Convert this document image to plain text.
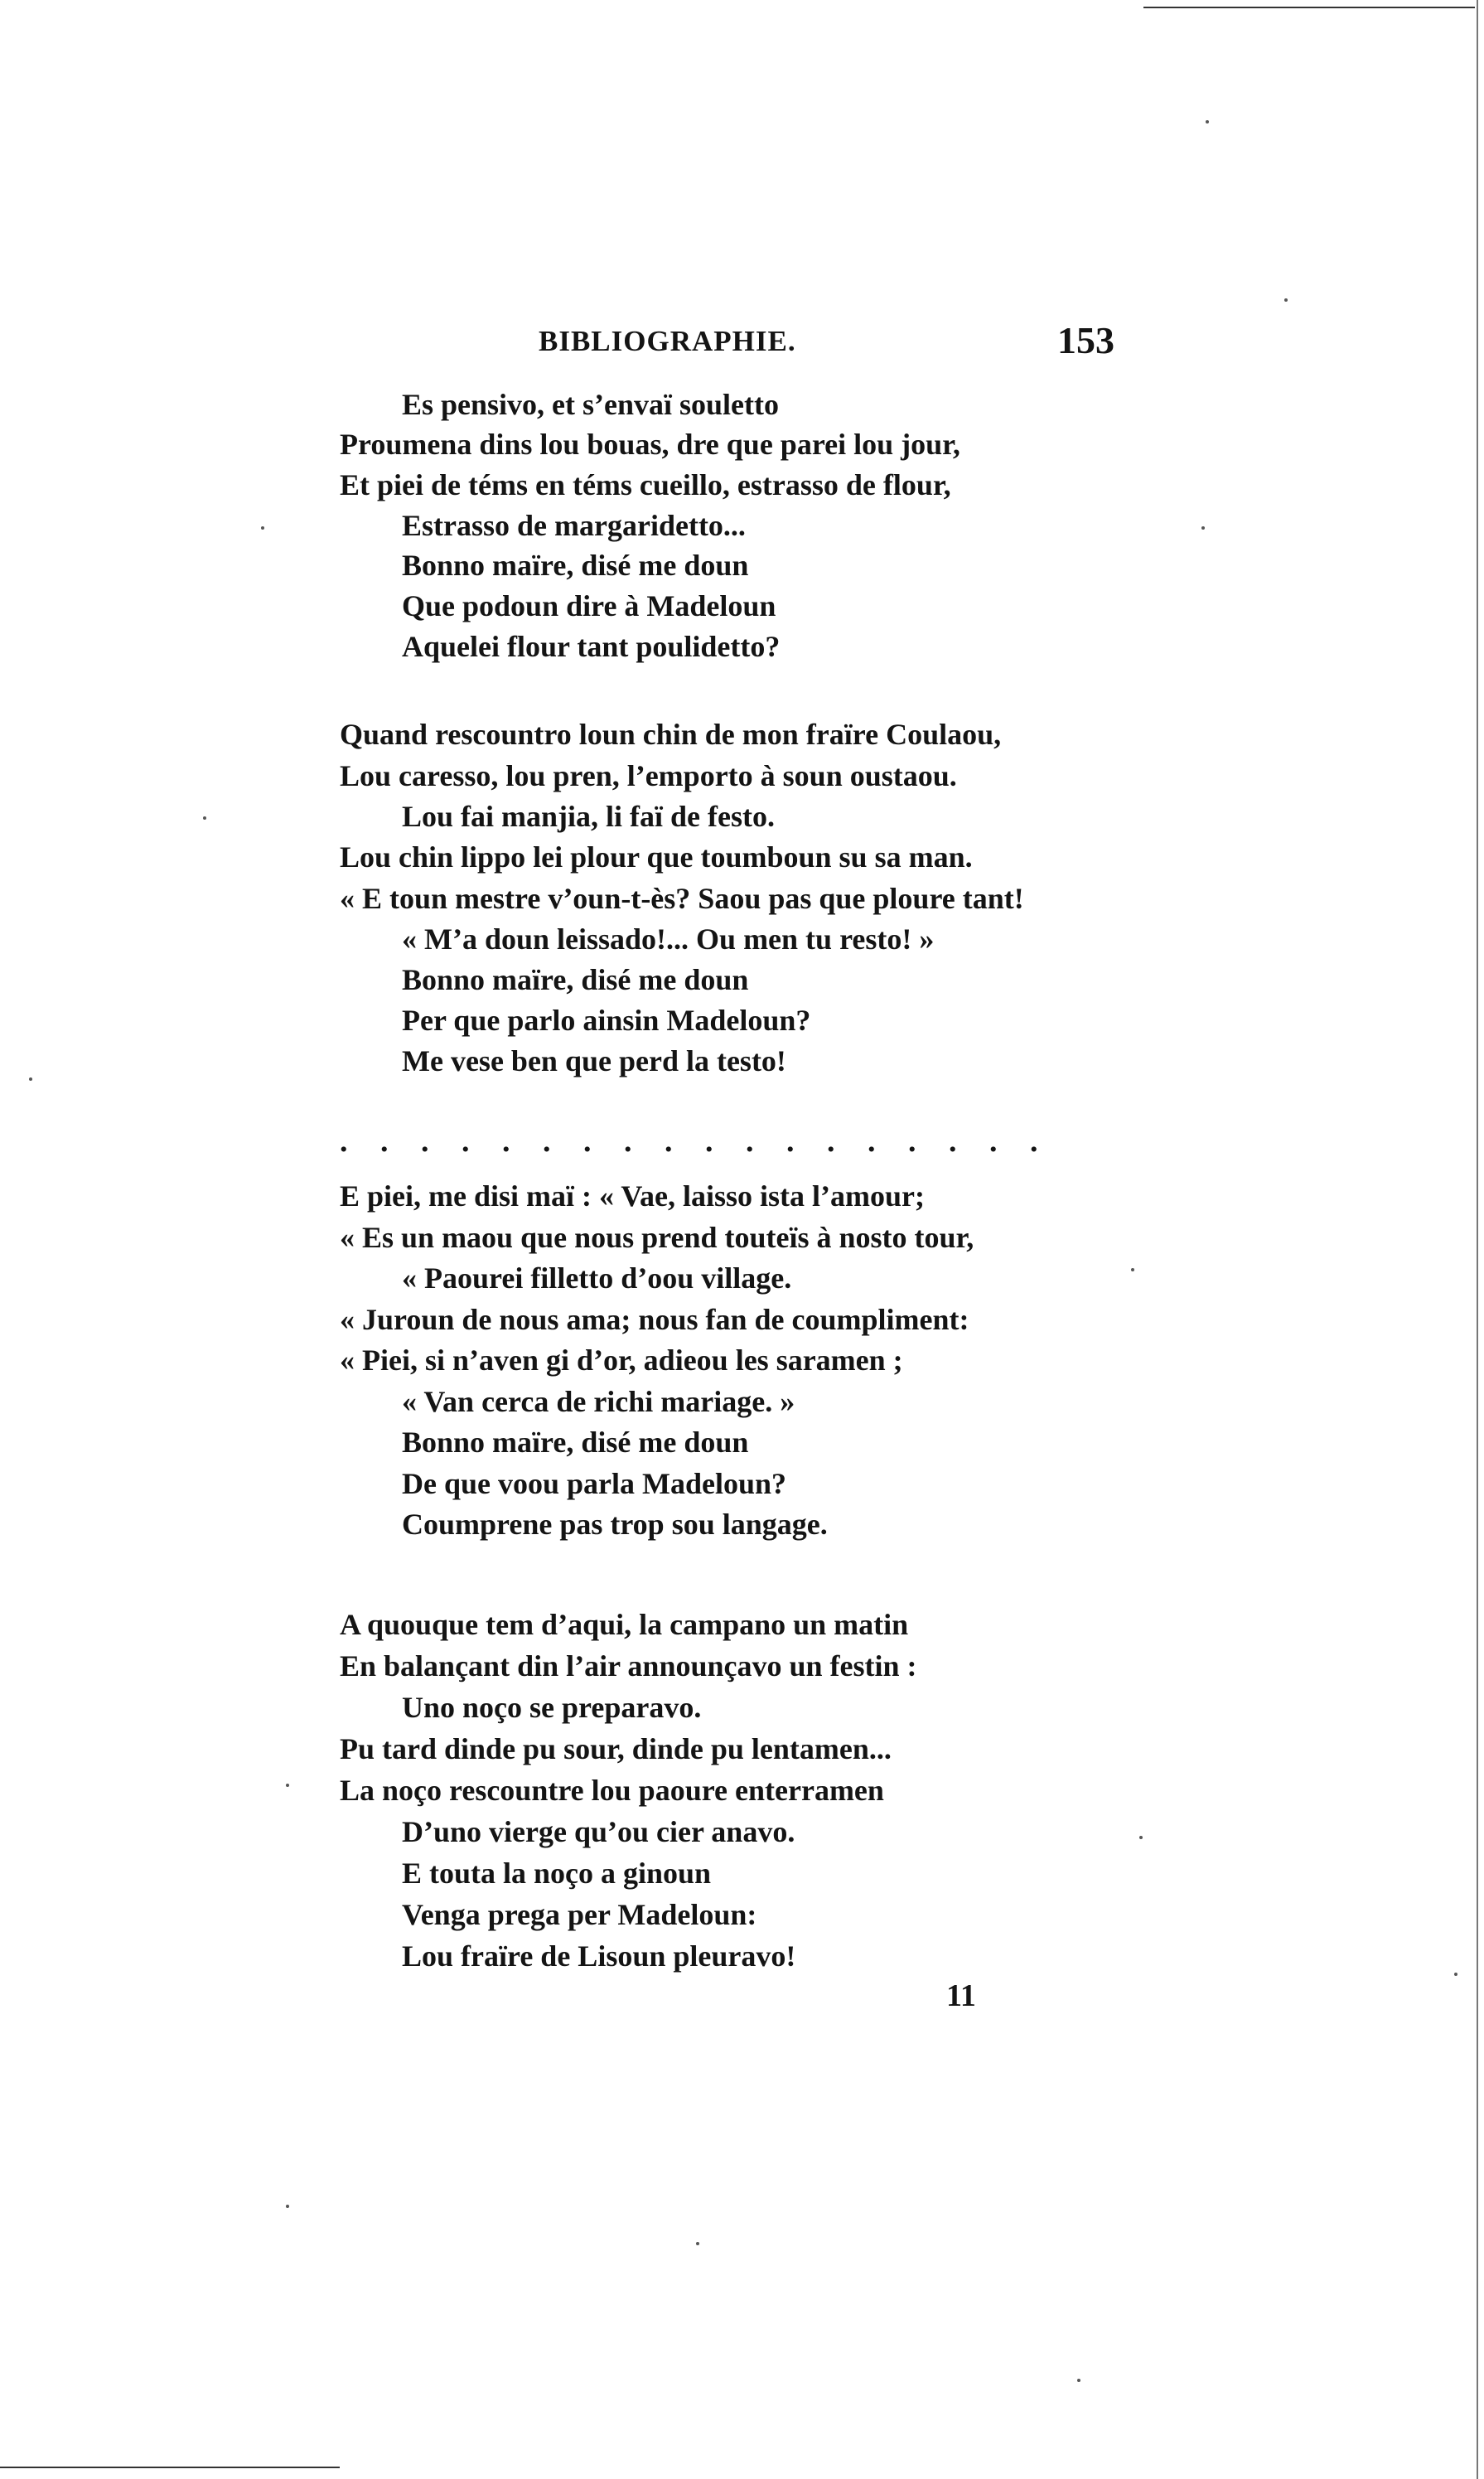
BIBLIOGRAPHIE.	153
Es pensivo, et s’envaï souletto
Proumena dins lou bouas, dre que parei lou jour,
Et piei de téms en téms cueillo, estrasso de flour,
Estrasso de margaridetto...
Bonno maïre, disé me doun
Que podoun dire à Madeloun
Aquelei flour tant poulidetto?
Quand rescountro loun chin de mon fraïre Coulaou,
Lou caresso, lou pren, l’emporto à soun oustaou.
Lou fai manjia, li faï de festo.
Lou chin lippo lei plour que toumboun su sa man.
« E toun mestre v’oun-t-ès? Saou pas que ploure tant!
« M’a doun leissado!... Ou men tu resto! »
Bonno maïre, disé me doun
Per que parlo ainsin Madeloun?
Me vese ben que perd la testo!
. . . . . . . . . . . . . . . . . .
E piei, me disi maï : « Vae, laisso ista l’amour;
« Es un maou que nous prend touteïs à nosto tour,
« Paourei filletto d’oou village.
« Juroun de nous ama; nous fan de coumpliment:
« Piei, si n’aven gi d’or, adieou les saramen ;
« Van cerca de richi mariage. »
Bonno maïre, disé me doun
De que voou parla Madeloun?
Coumprene pas trop sou langage.
A quouque tem d’aqui, la campano un matin
En balançant din l’air announçavo un festin :
Uno noço se preparavo.
Pu tard dinde pu sour, dinde pu lentamen...
La noço rescountre lou paoure enterramen
D’uno vierge qu’ou cier anavo.
E touta la noço a ginoun
Venga prega per Madeloun:
Lou fraïre de Lisoun pleuravo!
11
